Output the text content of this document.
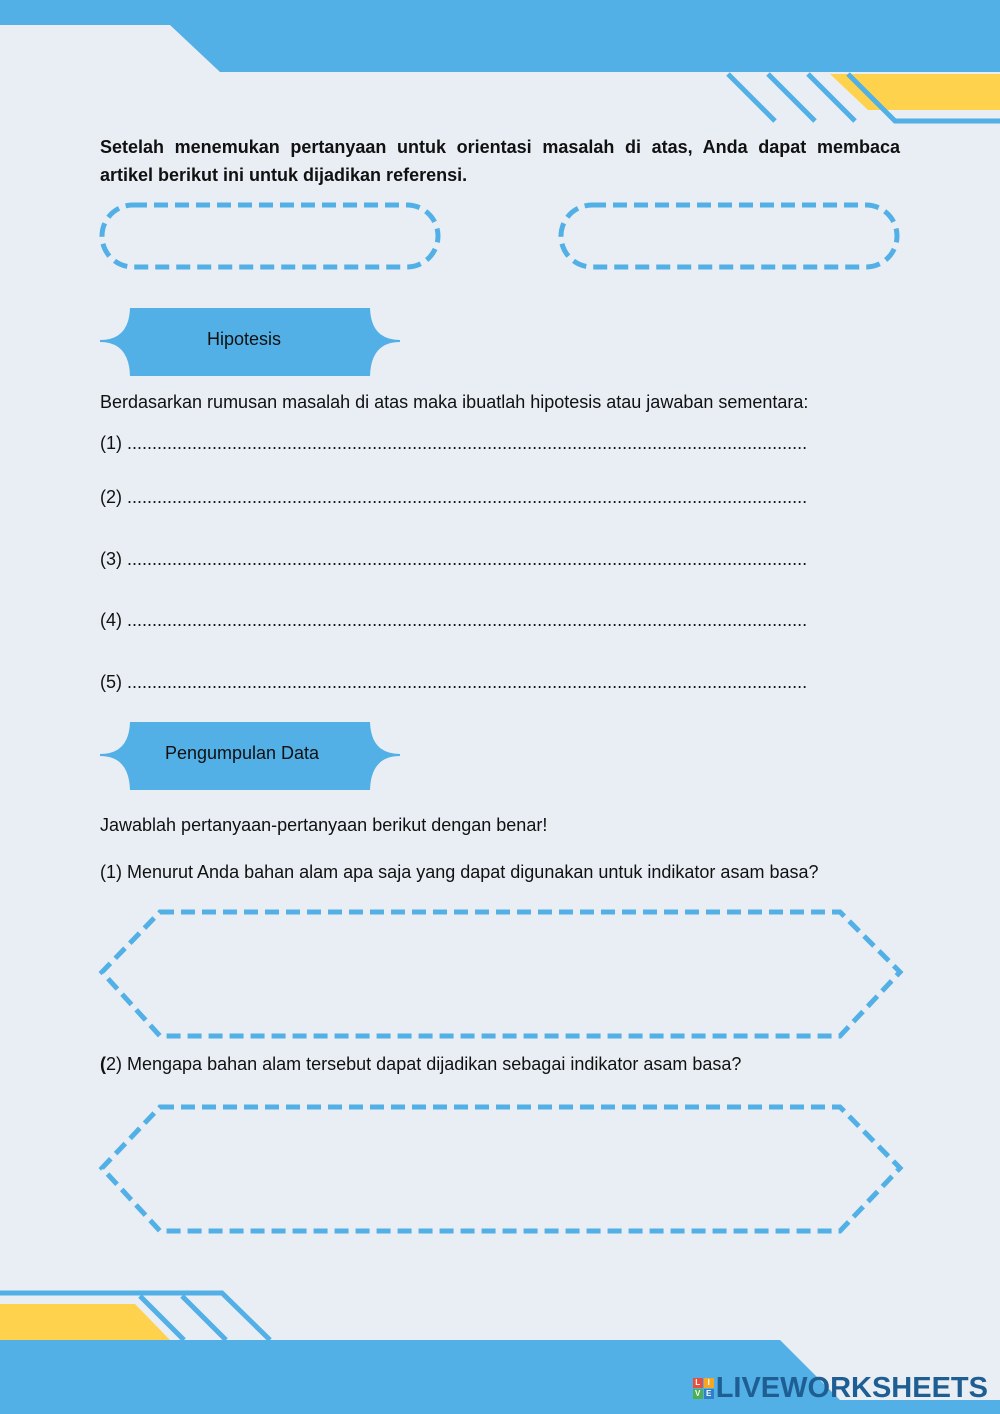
Setelah menemukan pertanyaan untuk orientasi masalah di atas, Anda dapat membaca artikel berikut ini untuk dijadikan referensi.

Hipotesis

Berdasarkan rumusan masalah di atas maka ibuatlah hipotesis atau jawaban sementara:

(1) ........................................................................................................................................
(2) ........................................................................................................................................
(3) ........................................................................................................................................
(4) ........................................................................................................................................
(5) ........................................................................................................................................
Pengumpulan Data

Jawablah pertanyaan-pertanyaan berikut dengan benar!

(1) Menurut Anda bahan alam apa saja yang dapat digunakan untuk indikator asam basa?

(2) Mengapa bahan alam tersebut dapat dijadikan sebagai indikator asam basa?

L I
V E LIVEWORKSHEETS
